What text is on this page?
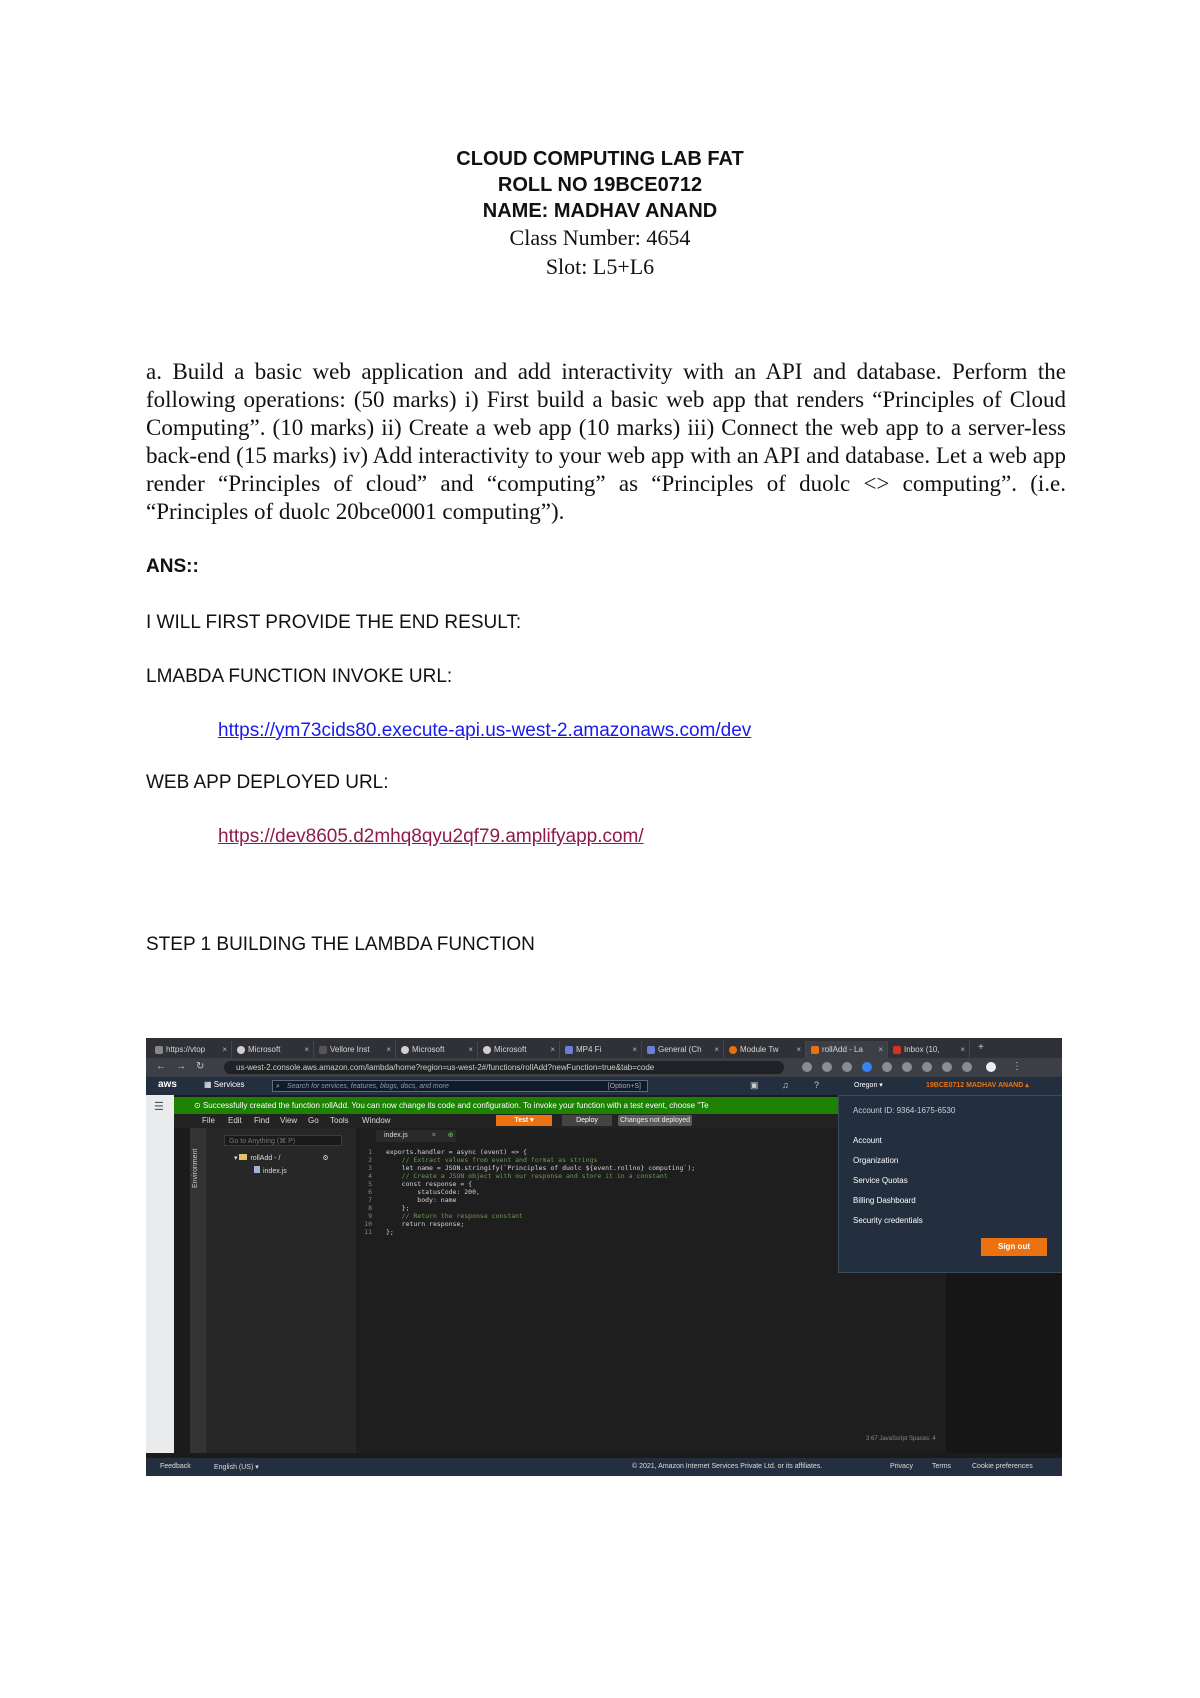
CLOUD COMPUTING LAB FAT
ROLL NO 19BCE0712
NAME: MADHAV ANAND
Class Number: 4654
Slot: L5+L6

a. Build a basic web application and add interactivity with an API and database. Perform the following operations: (50 marks) i) First build a basic web app that renders “Principles of Cloud Computing”. (10 marks) ii) Create a web app (10 marks) iii) Connect the web app to a server-less back-end (15 marks) iv) Add interactivity to your web app with an API and database. Let a web app render “Principles of cloud” and “computing” as “Principles of duolc <> computing”. (i.e. “Principles of duolc 20bce0001 computing”).

ANS::
I WILL FIRST PROVIDE THE END RESULT:
LMABDA FUNCTION INVOKE URL:
https://ym73cids80.execute-api.us-west-2.amazonaws.com/dev
WEB APP DEPLOYED URL:
https://dev8605.d2mhq8qyu2qf79.amplifyapp.com/
STEP 1 BUILDING THE LAMBDA FUNCTION
https://vtop ×	Microsoft	×	Vellore Inst ×	Microsoft	×	Microsoft	×	MP4 Fi	×	General (Ch ×	Module Tw ×	rollAdd - La ×	Inbox (10,	× +
← → ↻	us-west-2.console.aws.amazon.com/lambda/home?region=us-west-2#/functions/rollAdd?newFunction=true&tab=code	⋮
aws	▦ Services	⌕ Search for services, features, blogs, docs, and more	[Option+S]	▣	♫	?	Oregon ▾	19BCE0712 MADHAV ANAND ▴
☰	⊙ Successfully created the function rollAdd. You can now change its code and configuration. To invoke your function with a test event, choose "Te
File Edit Find View Go Tools Window	Test ▾	Deploy	Changes not deployed
Environment
Go to Anything (⌘ P)
▾ rollAdd - /	⚙
index.js
index.js	× ⊕
1 exports.handler = async (event) => {
2    // Extract values from event and format as strings
3    let name = JSON.stringify(`Principles of duolc ${event.rollno} computing`);
4    // Create a JSON object with our response and store it in a constant
5    const response = {
6        statusCode: 200,
7        body: name
8    };
9    // Return the response constant
10    return response;
11 };
3:67 JavaScript Spaces: 4
Account ID: 9364-1675-6530
Account
Organization
Service Quotas
Billing Dashboard
Security credentials
Sign out
Feedback	English (US) ▾	© 2021, Amazon Internet Services Private Ltd. or its affiliates.	Privacy	Terms	Cookie preferences
